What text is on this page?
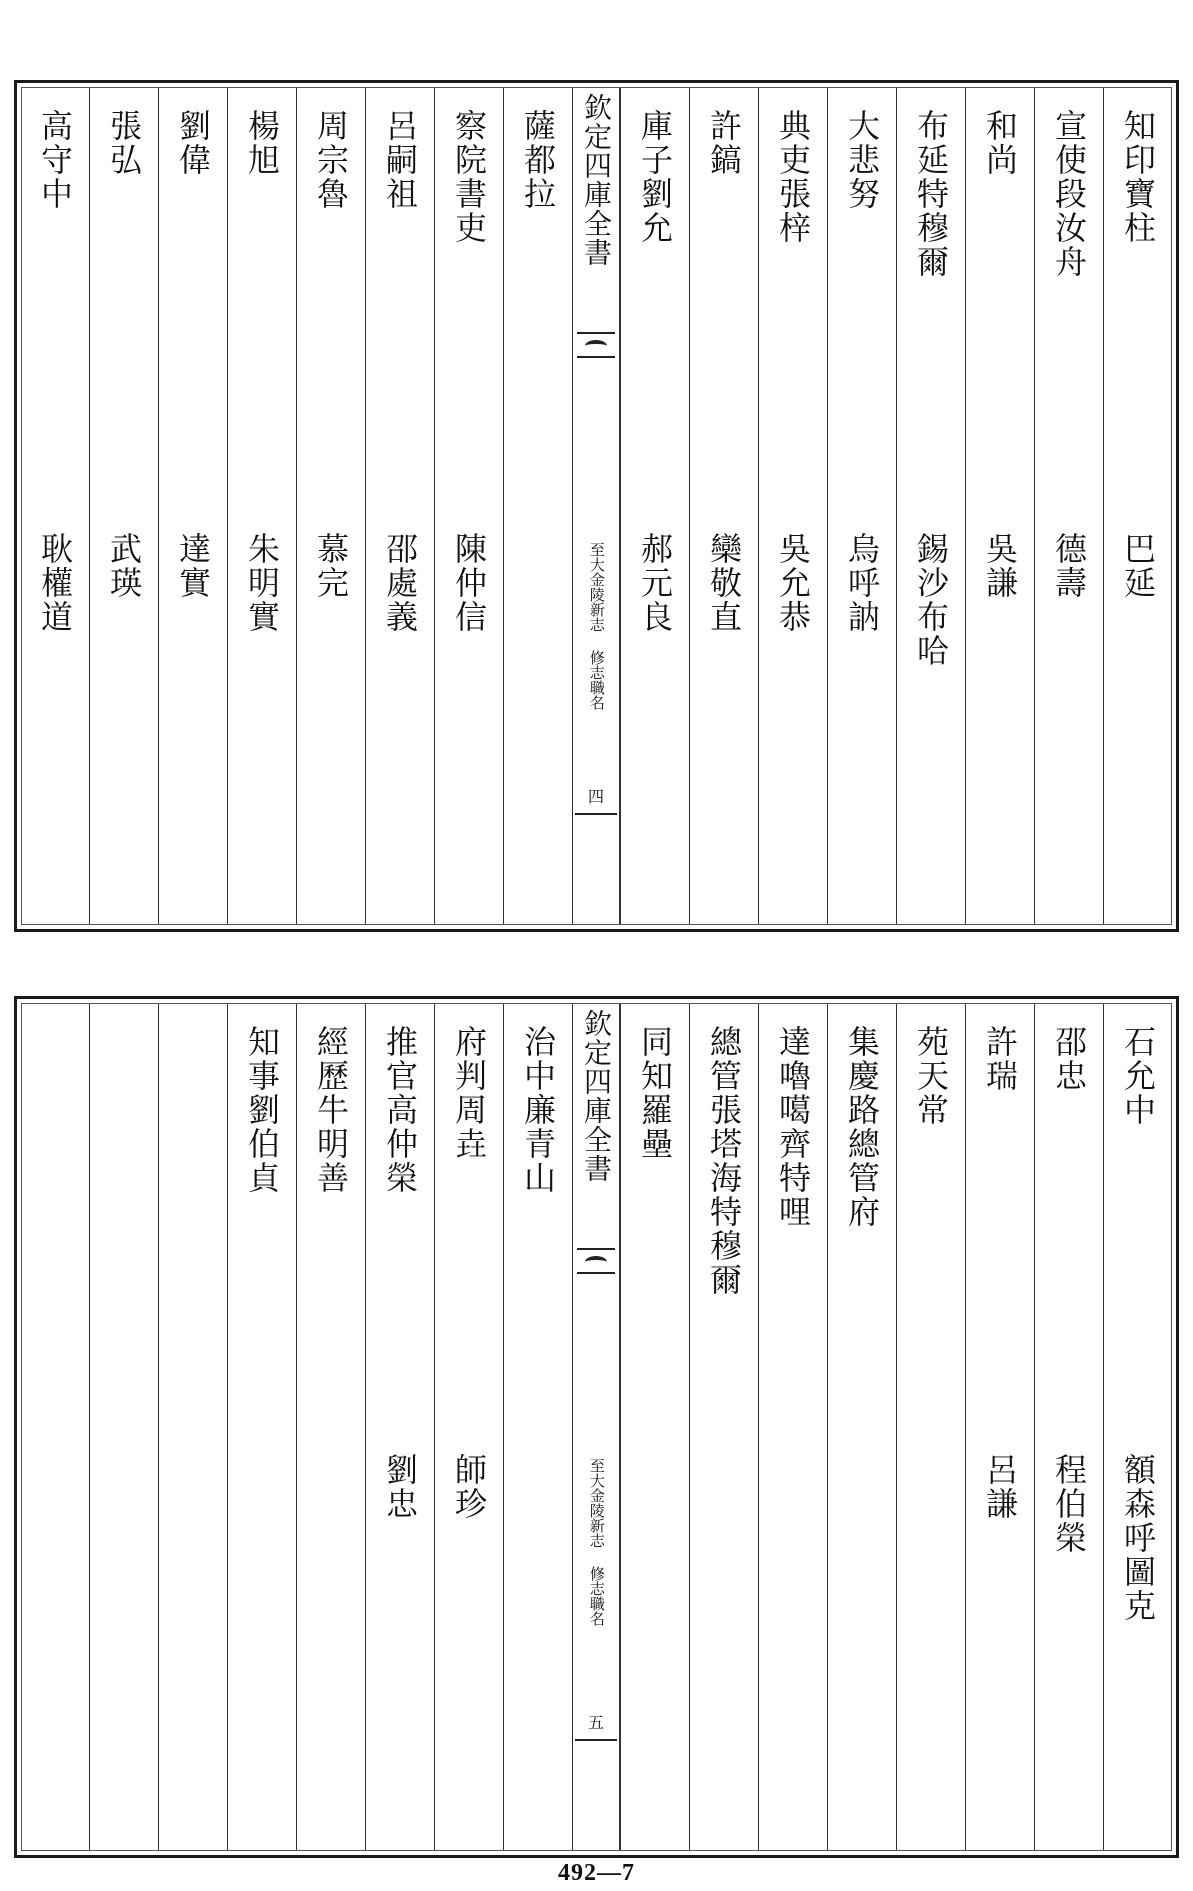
知印寶柱
巴延
宣使段汝舟
德壽
和尚
吳謙
布延特穆爾
錫沙布哈
大悲努
烏呼訥
典吏張梓
吳允恭
許鎬
欒敬直
庫子劉允
郝元良
欽定四庫全書
至大金陵新志 修志職名
四
薩都拉
察院書吏
陳仲信
呂嗣祖
邵處義
周宗魯
慕完
楊旭
朱明實
劉偉
達實
張弘
武瑛
高守中
耿權道
石允中
額森呼圖克
邵忠
程伯榮
許瑞
呂謙
苑天常
集慶路總管府
達嚕噶齊特哩
總管張塔海特穆爾
同知羅壘
欽定四庫全書
至大金陵新志 修志職名
五
治中廉青山
府判周垚
師珍
推官高仲榮
劉忠
經歷牛明善
知事劉伯貞
492—7
